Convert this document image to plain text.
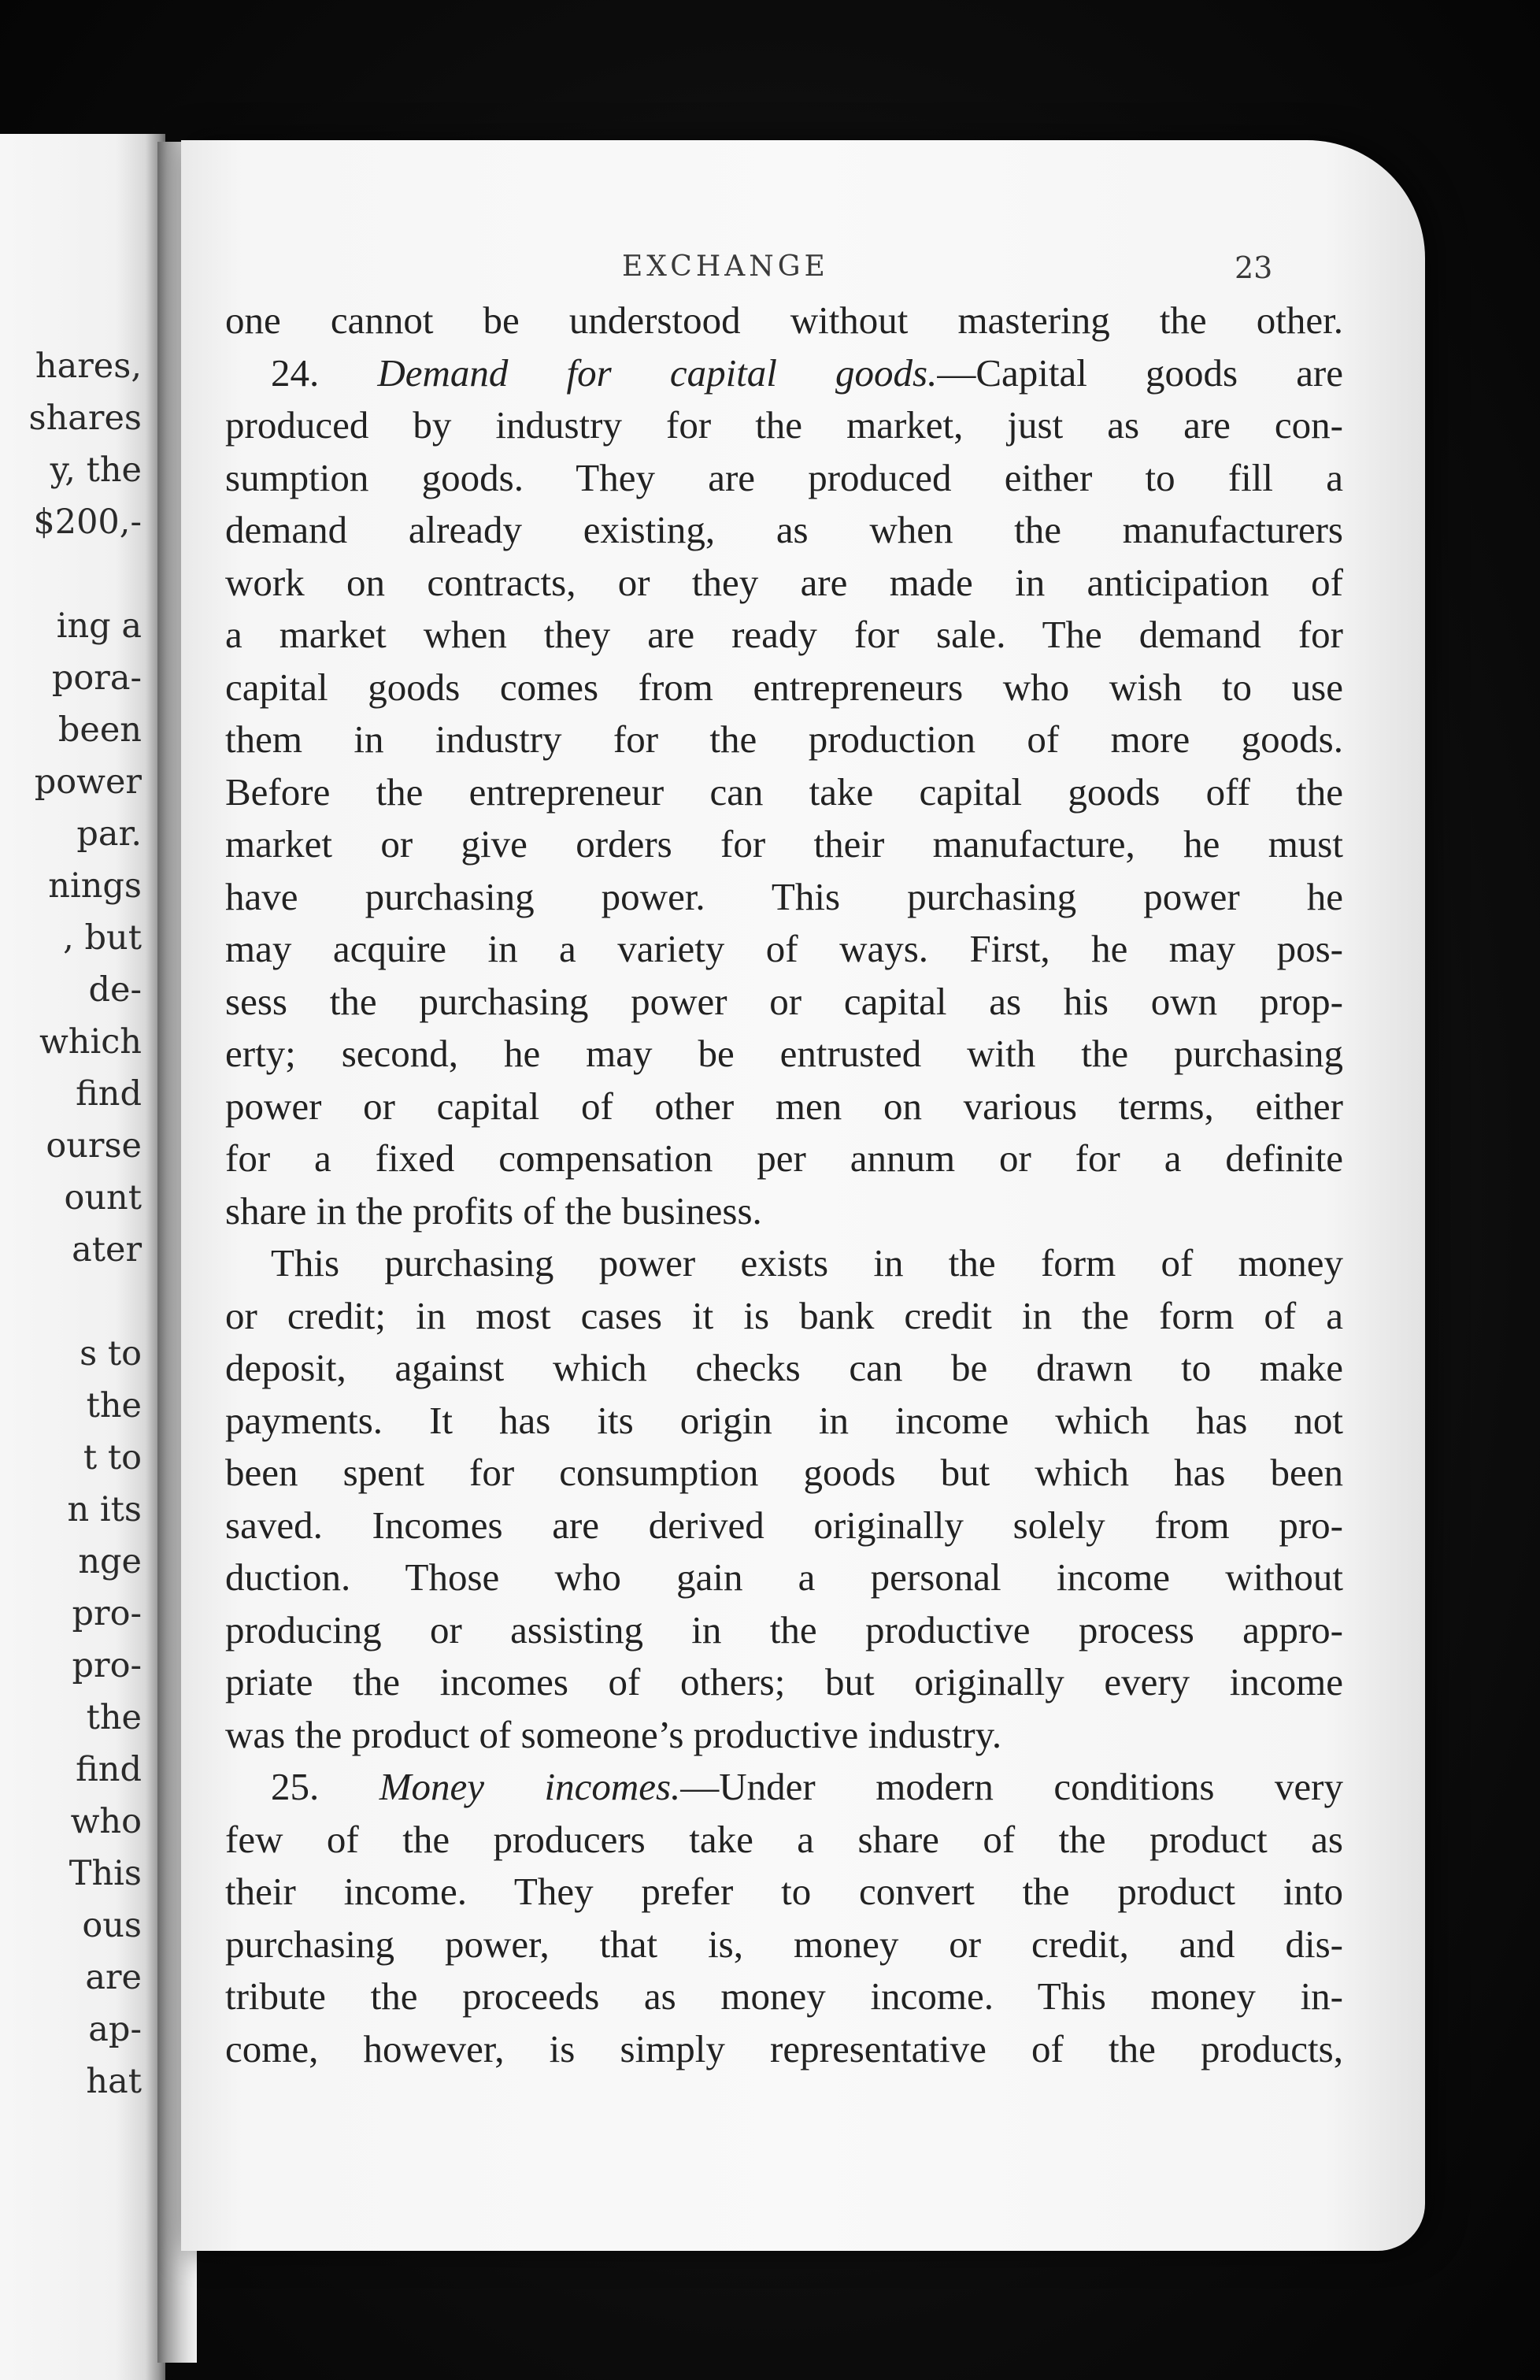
hares,
shares
y, the
$200,-
ing a
pora-
been
power
par.
nings
, but
de-
which
find
ourse
ount
ater
s to
the
t to
n its
nge
pro-
pro-
the
find
who
This
ous
are
ap-
hat
EXCHANGE	23
one cannot be understood without mastering the other.
24. Demand for capital goods.—Capital goods are
produced by industry for the market, just as are con-
sumption goods. They are produced either to fill a
demand already existing, as when the manufacturers
work on contracts, or they are made in anticipation of
a market when they are ready for sale. The demand for
capital goods comes from entrepreneurs who wish to use
them in industry for the production of more goods.
Before the entrepreneur can take capital goods off the
market or give orders for their manufacture, he must
have purchasing power. This purchasing power he
may acquire in a variety of ways. First, he may pos-
sess the purchasing power or capital as his own prop-
erty; second, he may be entrusted with the purchasing
power or capital of other men on various terms, either
for a fixed compensation per annum or for a definite
share in the profits of the business.
This purchasing power exists in the form of money
or credit; in most cases it is bank credit in the form of a
deposit, against which checks can be drawn to make
payments. It has its origin in income which has not
been spent for consumption goods but which has been
saved. Incomes are derived originally solely from pro-
duction. Those who gain a personal income without
producing or assisting in the productive process appro-
priate the incomes of others; but originally every income
was the product of someone’s productive industry.
25. Money incomes.—Under modern conditions very
few of the producers take a share of the product as
their income. They prefer to convert the product into
purchasing power, that is, money or credit, and dis-
tribute the proceeds as money income. This money in-
come, however, is simply representative of the products,
